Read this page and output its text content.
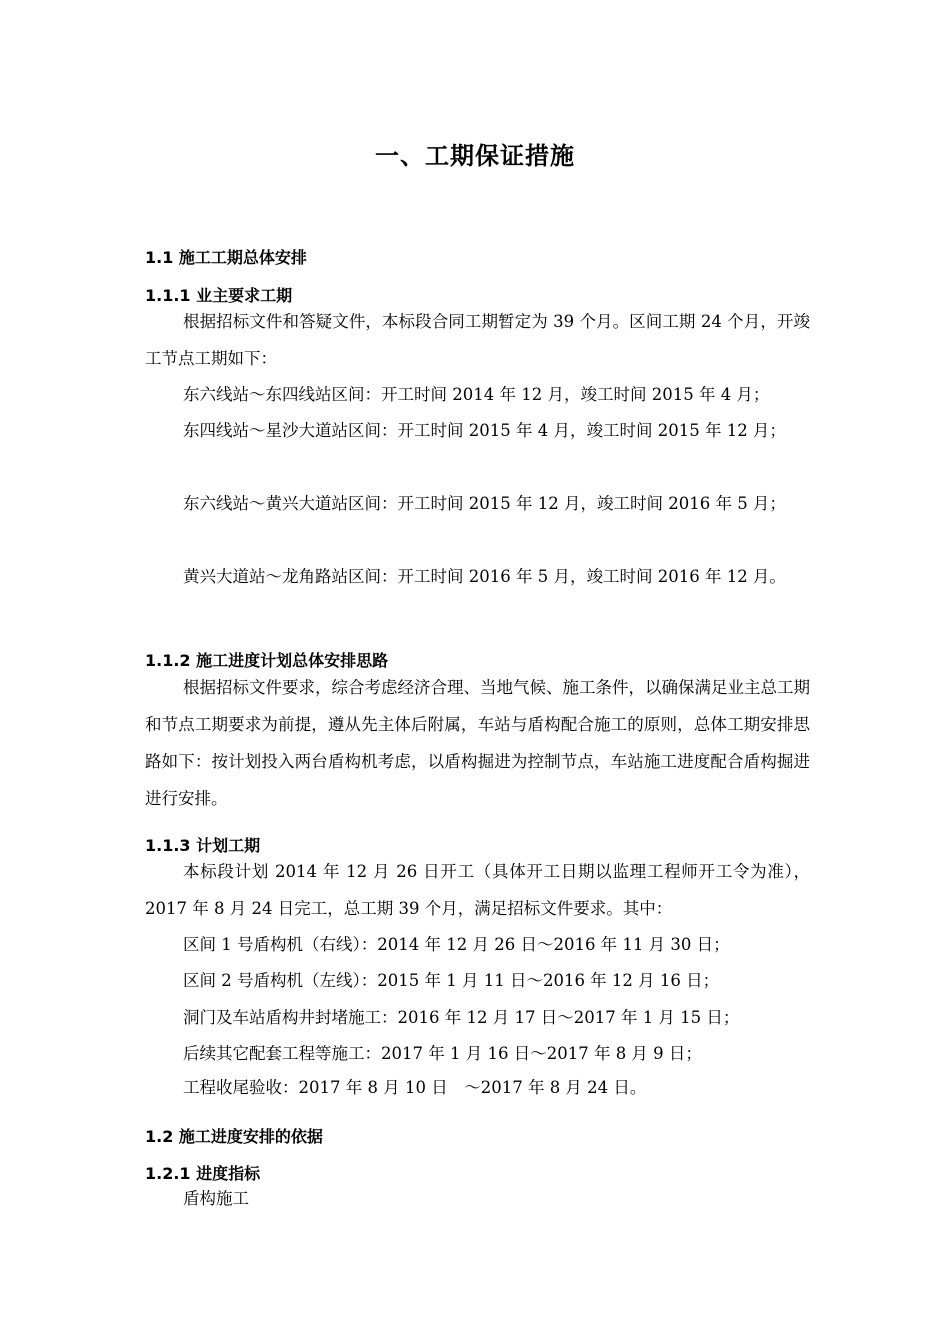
一、工期保证措施
1.1 施工工期总体安排
1.1.1 业主要求工期
根据招标文件和答疑文件，本标段合同工期暂定为 39 个月。区间工期 24 个月，开竣工节点工期如下：
东六线站～东四线站区间：开工时间 2014 年 12 月，竣工时间 2015 年 4 月；
东四线站～星沙大道站区间：开工时间 2015 年 4 月，竣工时间 2015 年 12 月；
东六线站～黄兴大道站区间：开工时间 2015 年 12 月，竣工时间 2016 年 5 月；
黄兴大道站～龙角路站区间：开工时间 2016 年 5 月，竣工时间 2016 年 12 月。
1.1.2 施工进度计划总体安排思路
根据招标文件要求，综合考虑经济合理、当地气候、施工条件，以确保满足业主总工期和节点工期要求为前提，遵从先主体后附属，车站与盾构配合施工的原则，总体工期安排思路如下：按计划投入两台盾构机考虑，以盾构掘进为控制节点，车站施工进度配合盾构掘进进行安排。
1.1.3 计划工期
本标段计划 2014 年 12 月 26 日开工（具体开工日期以监理工程师开工令为准），2017 年 8 月 24 日完工，总工期 39 个月，满足招标文件要求。其中：
区间 1 号盾构机（右线）：2014 年 12 月 26 日～2016 年 11 月 30 日；
区间 2 号盾构机（左线）：2015 年 1 月 11 日～2016 年 12 月 16 日；
洞门及车站盾构井封堵施工：2016 年 12 月 17 日～2017 年 1 月 15 日；
后续其它配套工程等施工：2017 年 1 月 16 日～2017 年 8 月 9 日；
工程收尾验收：2017 年 8 月 10 日　～2017 年 8 月 24 日。
1.2 施工进度安排的依据
1.2.1 进度指标
盾构施工
